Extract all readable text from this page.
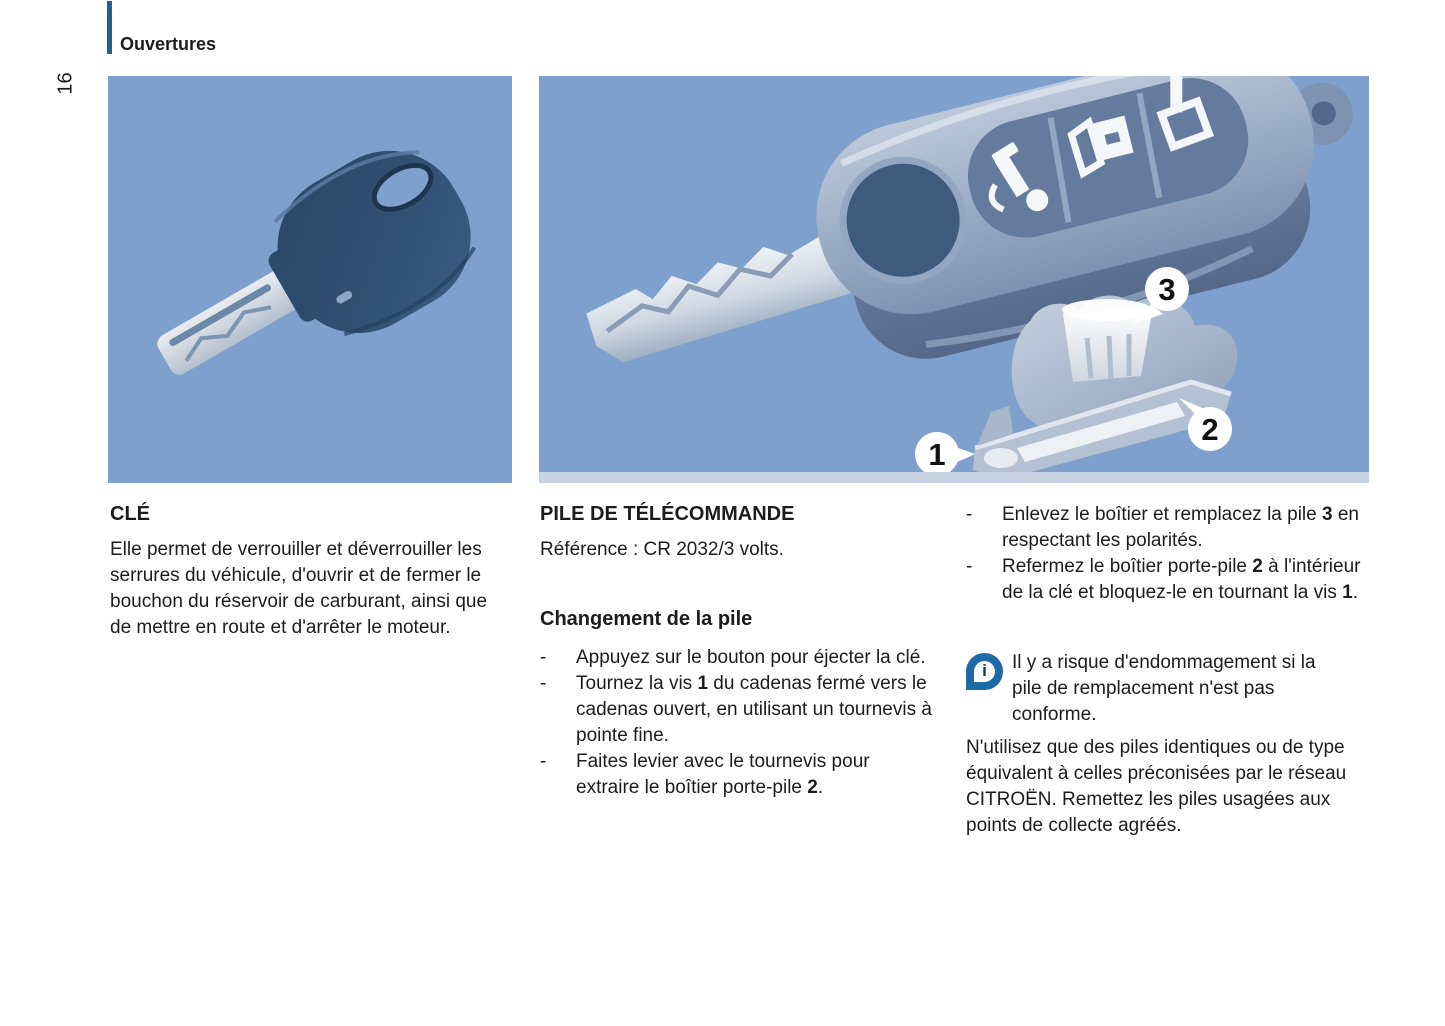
16
Ouvertures
3
2
1
CLÉ

Elle permet de verrouiller et déverrouiller les serrures du véhicule, d'ouvrir et de fermer le bouchon du réservoir de carburant, ainsi que de mettre en route et d'arrêter le moteur.

PILE DE TÉLÉCOMMANDE

Référence : CR 2032/3 volts.

Changement de la pile
-	Appuyez sur le bouton pour éjecter la clé.
-	Tournez la vis 1 du cadenas fermé vers le cadenas ouvert, en utilisant un tournevis à pointe fine.
-	Faites levier avec le tournevis pour extraire le boîtier porte-pile 2.
-	Enlevez le boîtier et remplacez la pile 3 en respectant les polarités.
-	Refermez le boîtier porte-pile 2 à l'intérieur de la clé et bloquez-le en tournant la vis 1.
i Il y a risque d'endommagement si la pile de remplacement n'est pas conforme.

N'utilisez que des piles identiques ou de type équivalent à celles préconisées par le réseau CITROËN. Remettez les piles usagées aux points de collecte agréés.
